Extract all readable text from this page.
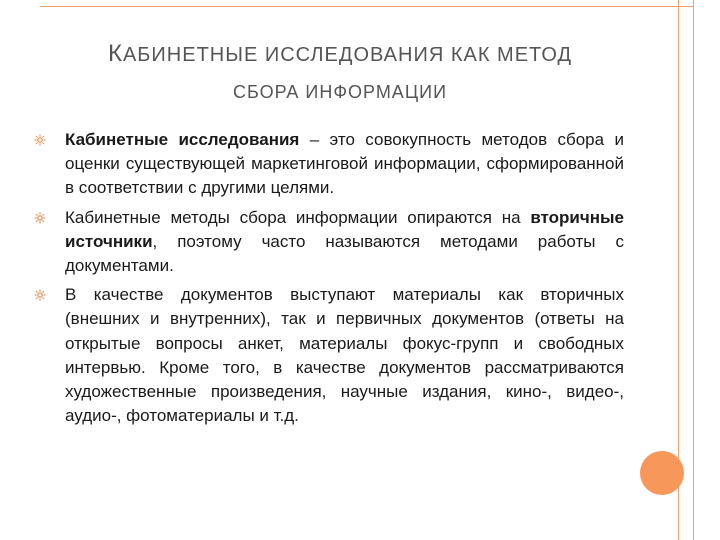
КАБИНЕТНЫЕ ИССЛЕДОВАНИЯ КАК МЕТОД
СБОРА ИНФОРМАЦИИ
Кабинетные исследования – это совокупность методов сбора и оценки существующей маркетинговой информации, сформированной в соответствии с другими целями.
Кабинетные методы сбора информации опираются на вторичные источники, поэтому часто называются методами работы с документами.
В качестве документов выступают материалы как вторичных (внешних и внутренних), так и первичных документов (ответы на открытые вопросы анкет, материалы фокус-групп и свободных интервью. Кроме того, в качестве документов рассматриваются художественные произведения, научные издания, кино-, видео-, аудио-, фотоматериалы и т.д.
